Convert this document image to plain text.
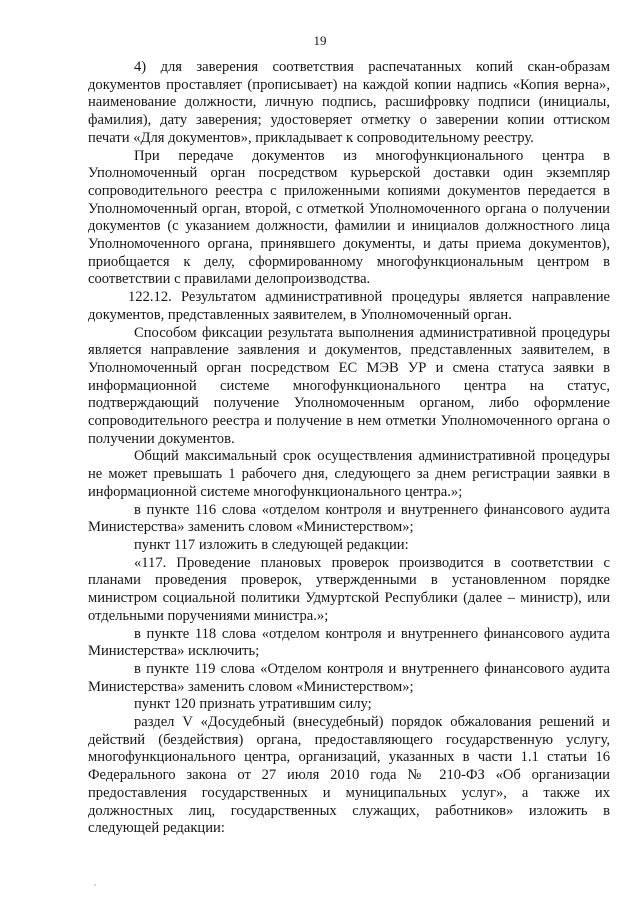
19

4) для заверения соответствия распечатанных копий скан-образам документов проставляет (прописывает) на каждой копии надпись «Копия верна», наименование должности, личную подпись, расшифровку подписи (инициалы, фамилия), дату заверения; удостоверяет отметку о заверении копии оттиском печати «Для документов», прикладывает к сопроводительному реестру.

При передаче документов из многофункционального центра в Уполномоченный орган посредством курьерской доставки один экземпляр сопроводительного реестра с приложенными копиями документов передается в Уполномоченный орган, второй, с отметкой Уполномоченного органа о получении документов (с указанием должности, фамилии и инициалов должностного лица Уполномоченного органа, принявшего документы, и даты приема документов), приобщается к делу, сформированному многофункциональным центром в соответствии с правилами делопроизводства.

122.12. Результатом административной процедуры является направление документов, представленных заявителем, в Уполномоченный орган.

Способом фиксации результата выполнения административной процедуры является направление заявления и документов, представленных заявителем, в Уполномоченный орган посредством ЕС МЭВ УР и смена статуса заявки в информационной системе многофункционального центра на статус, подтверждающий получение Уполномоченным органом, либо оформление сопроводительного реестра и получение в нем отметки Уполномоченного органа о получении документов.

Общий максимальный срок осуществления административной процедуры не может превышать 1 рабочего дня, следующего за днем регистрации заявки в информационной системе многофункционального центра.»;

в пункте 116 слова «отделом контроля и внутреннего финансового аудита Министерства» заменить словом «Министерством»;

пункт 117 изложить в следующей редакции:

«117. Проведение плановых проверок производится в соответствии с планами проведения проверок, утвержденными в установленном порядке министром социальной политики Удмуртской Республики (далее – министр), или отдельными поручениями министра.»;

в пункте 118 слова «отделом контроля и внутреннего финансового аудита Министерства» исключить;

в пункте 119 слова «Отделом контроля и внутреннего финансового аудита Министерства» заменить словом «Министерством»;

пункт 120 признать утратившим силу;

раздел V «Досудебный (внесудебный) порядок обжалования решений и действий (бездействия) органа, предоставляющего государственную услугу, многофункционального центра, организаций, указанных в части 1.1 статьи 16 Федерального закона от 27 июля 2010 года № 210-ФЗ «Об организации предоставления государственных и муниципальных услуг», а также их должностных лиц, государственных служащих, работников» изложить в следующей редакции:
